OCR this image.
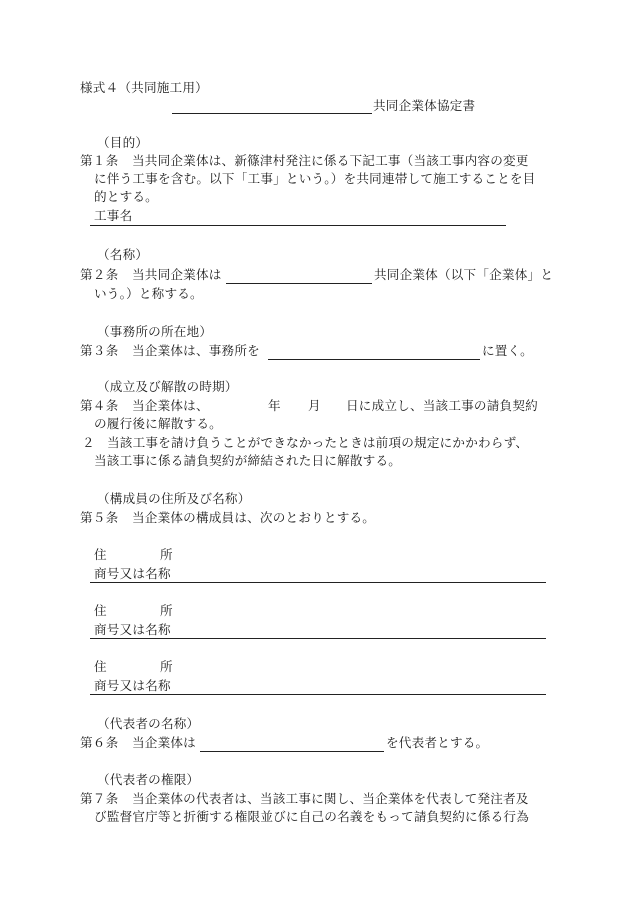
様式４（共同施工用）
共同企業体協定書
（目的）
第１条 当共同企業体は、新篠津村発注に係る下記工事（当該工事内容の変更
に伴う工事を含む。以下「工事」という。）を共同連帯して施工することを目
的とする。
工事名
（名称）
第２条 当共同企業体は	共同企業体（以下「企業体」と
いう。）と称する。
（事務所の所在地）
第３条 当企業体は、事務所を	に置く。
（成立及び解散の時期）
第４条 当企業体は、	年 月 日に成立し、当該工事の請負契約
の履行後に解散する。
２ 当該工事を請け負うことができなかったときは前項の規定にかかわらず、
当該工事に係る請負契約が締結された日に解散する。
（構成員の住所及び名称）
第５条 当企業体の構成員は、次のとおりとする。
住	所
商号又は名称
住	所
商号又は名称
住	所
商号又は名称
（代表者の名称）
第６条 当企業体は	を代表者とする。
（代表者の権限）
第７条 当企業体の代表者は、当該工事に関し、当企業体を代表して発注者及
び監督官庁等と折衝する権限並びに自己の名義をもって請負契約に係る行為
